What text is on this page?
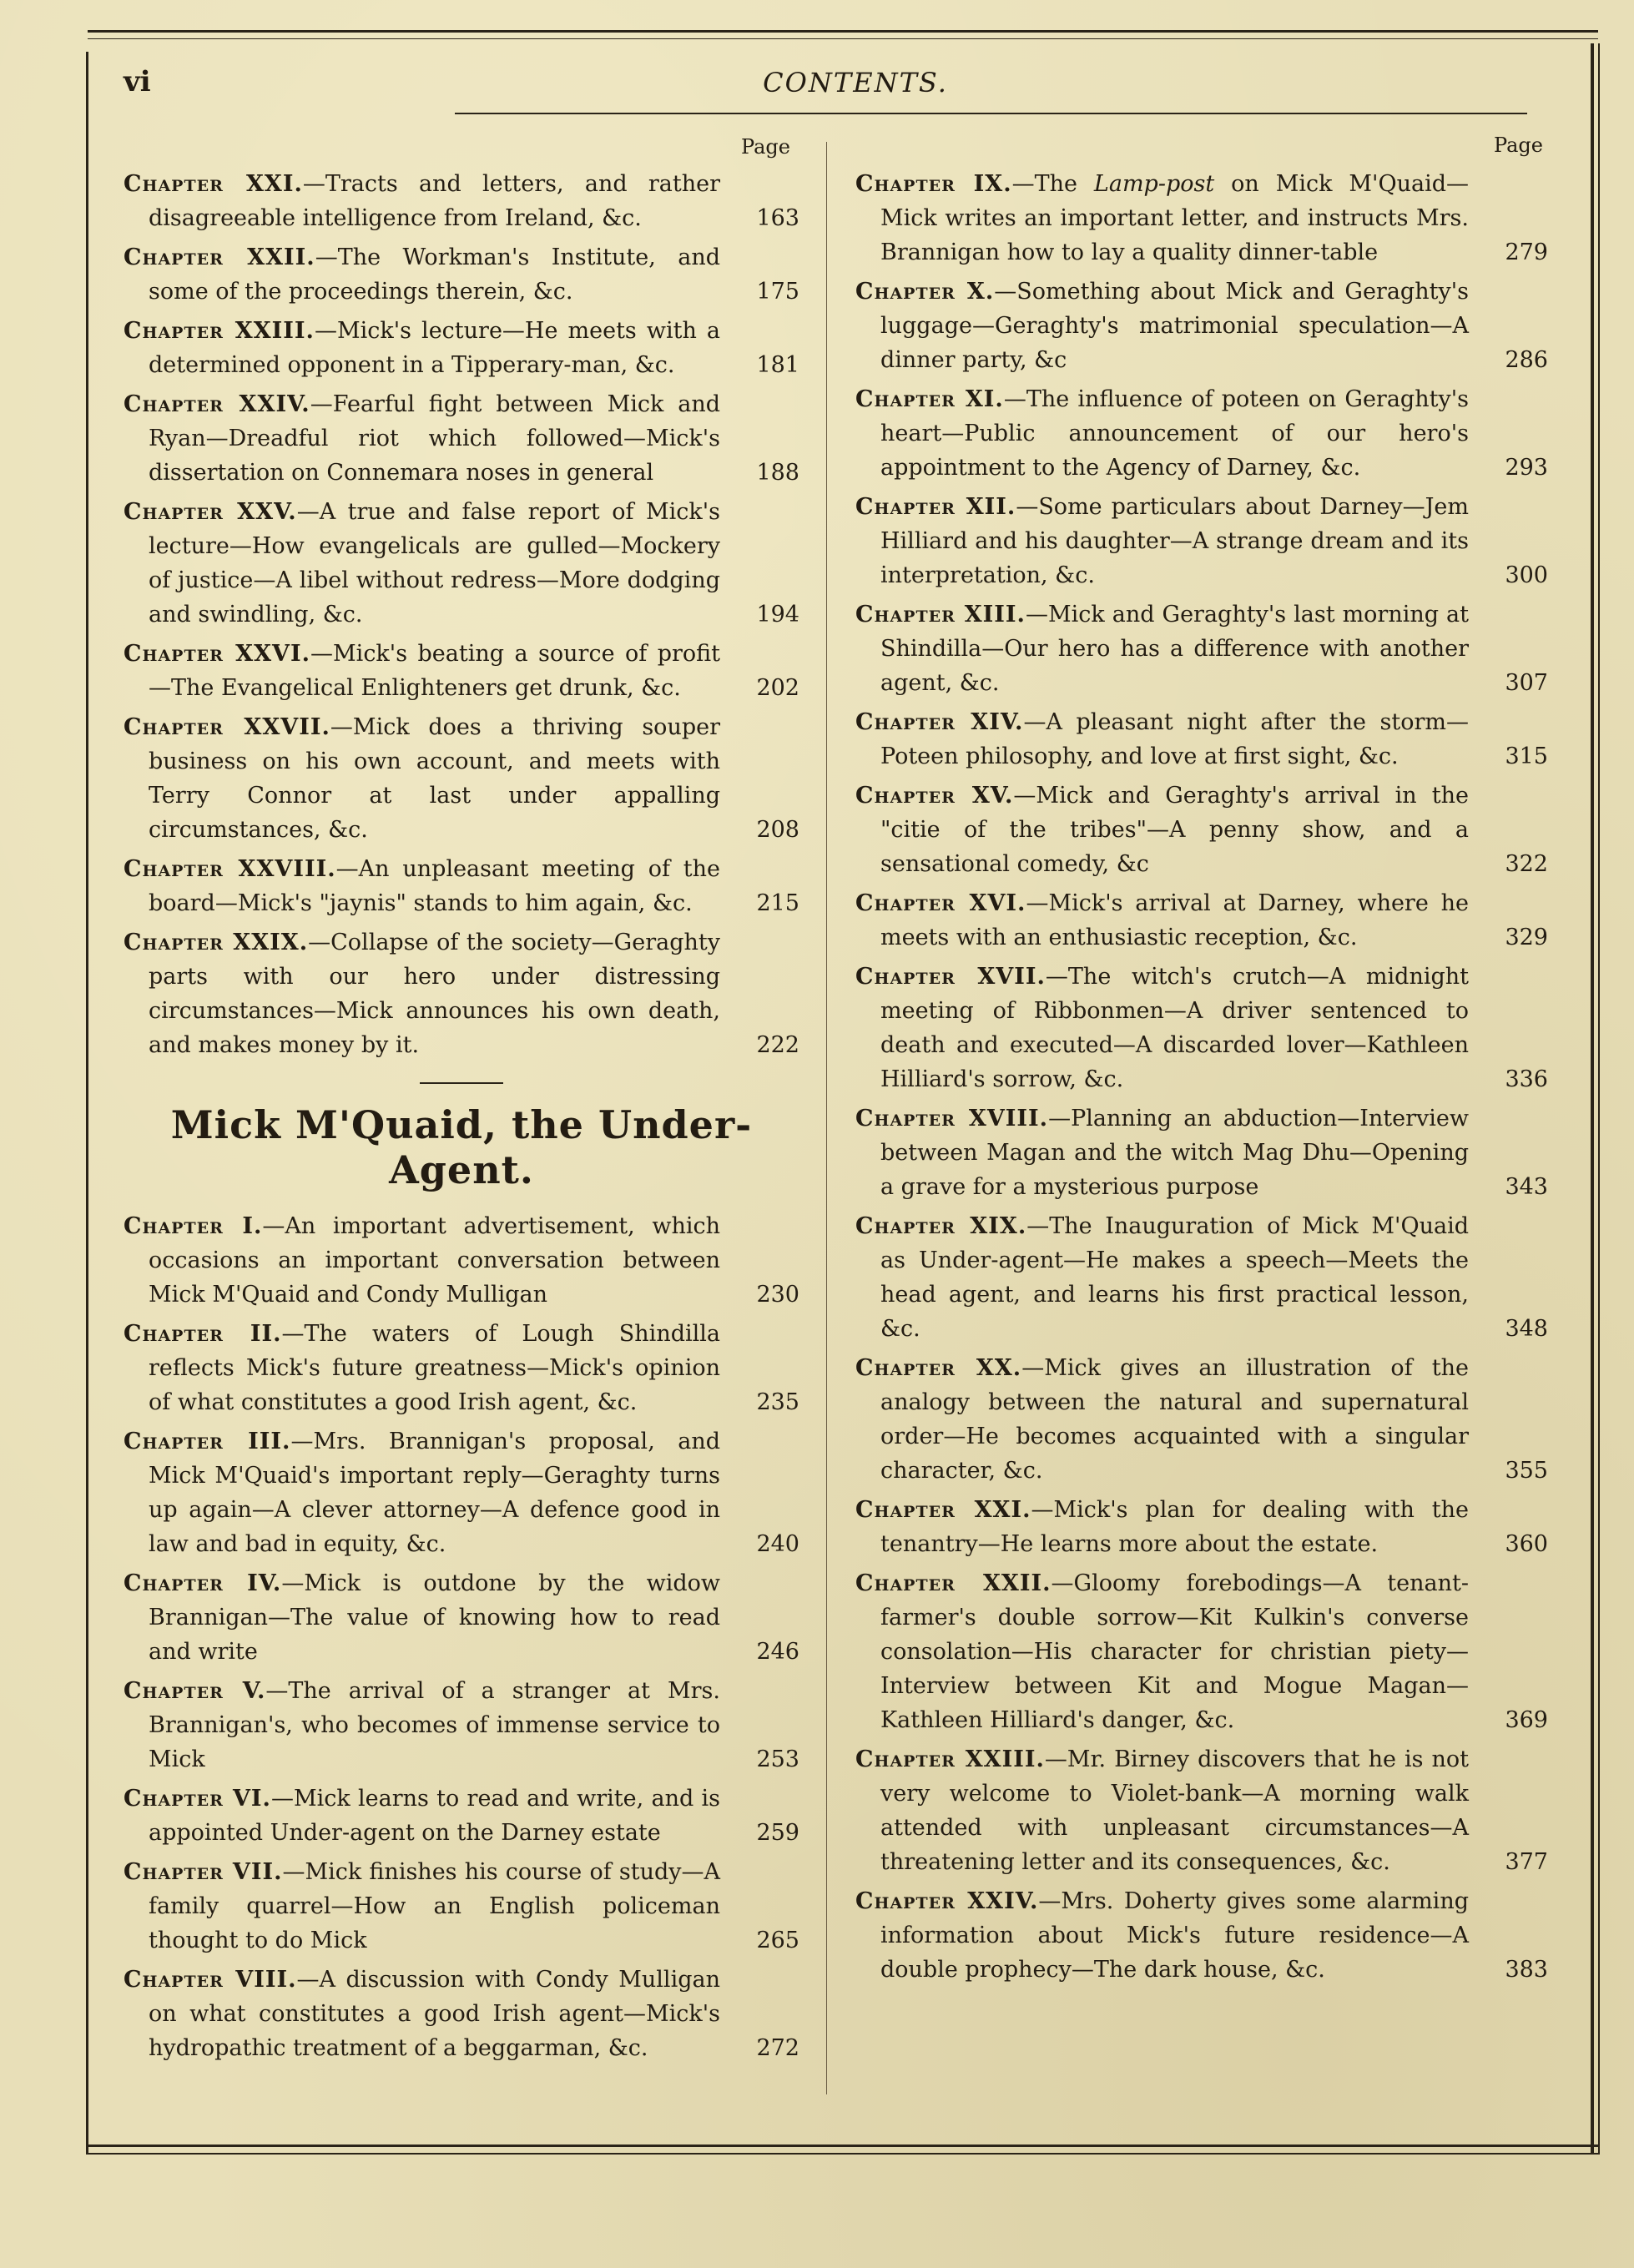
vi	CONTENTS.
Page	Page
Chapter XXI.—Tracts and letters, and rather disagreeable intelligence from Ireland, &c.	163
Chapter XXII.—The Workman's Institute, and some of the proceedings therein, &c.	175
Chapter XXIII.—Mick's lecture—He meets with a determined opponent in a Tipperary-man, &c.	181
Chapter XXIV.—Fearful fight between Mick and Ryan—Dreadful riot which followed—Mick's dissertation on Connemara noses in general	188
Chapter XXV.—A true and false report of Mick's lecture—How evangelicals are gulled—Mockery of justice—A libel without redress—More dodging and swindling, &c.	194
Chapter XXVI.—Mick's beating a source of profit—The Evangelical Enlighteners get drunk, &c.	202
Chapter XXVII.—Mick does a thriving souper business on his own account, and meets with Terry Connor at last under appalling circumstances, &c.	208
Chapter XXVIII.—An unpleasant meeting of the board—Mick's "jaynis" stands to him again, &c.	215
Chapter XXIX.—Collapse of the society—Geraghty parts with our hero under distressing circumstances—Mick announces his own death, and makes money by it.	222
Mick M'Quaid, the Under-Agent.
Chapter I.—An important advertisement, which occasions an important conversation between Mick M'Quaid and Condy Mulligan	230
Chapter II.—The waters of Lough Shindilla reflects Mick's future greatness—Mick's opinion of what constitutes a good Irish agent, &c.	235
Chapter III.—Mrs. Brannigan's proposal, and Mick M'Quaid's important reply—Geraghty turns up again—A clever attorney—A defence good in law and bad in equity, &c.	240
Chapter IV.—Mick is outdone by the widow Brannigan—The value of knowing how to read and write	246
Chapter V.—The arrival of a stranger at Mrs. Brannigan's, who becomes of immense service to Mick	253
Chapter VI.—Mick learns to read and write, and is appointed Under-agent on the Darney estate	259
Chapter VII.—Mick finishes his course of study—A family quarrel—How an English policeman thought to do Mick	265
Chapter VIII.—A discussion with Condy Mulligan on what constitutes a good Irish agent—Mick's hydropathic treatment of a beggarman, &c.	272
Chapter IX.—The Lamp-post on Mick M'Quaid—Mick writes an important letter, and instructs Mrs. Brannigan how to lay a quality dinner-table	279
Chapter X.—Something about Mick and Geraghty's luggage—Geraghty's matrimonial speculation—A dinner party, &c	286
Chapter XI.—The influence of poteen on Geraghty's heart—Public announcement of our hero's appointment to the Agency of Darney, &c.	293
Chapter XII.—Some particulars about Darney—Jem Hilliard and his daughter—A strange dream and its interpretation, &c.	300
Chapter XIII.—Mick and Geraghty's last morning at Shindilla—Our hero has a difference with another agent, &c.	307
Chapter XIV.—A pleasant night after the storm—Poteen philosophy, and love at first sight, &c.	315
Chapter XV.—Mick and Geraghty's arrival in the "citie of the tribes"—A penny show, and a sensational comedy, &c	322
Chapter XVI.—Mick's arrival at Darney, where he meets with an enthusiastic reception, &c.	329
Chapter XVII.—The witch's crutch—A midnight meeting of Ribbonmen—A driver sentenced to death and executed—A discarded lover—Kathleen Hilliard's sorrow, &c.	336
Chapter XVIII.—Planning an abduction—Interview between Magan and the witch Mag Dhu—Opening a grave for a mysterious purpose	343
Chapter XIX.—The Inauguration of Mick M'Quaid as Under-agent—He makes a speech—Meets the head agent, and learns his first practical lesson, &c.	348
Chapter XX.—Mick gives an illustration of the analogy between the natural and supernatural order—He becomes acquainted with a singular character, &c.	355
Chapter XXI.—Mick's plan for dealing with the tenantry—He learns more about the estate.	360
Chapter XXII.—Gloomy forebodings—A tenant-farmer's double sorrow—Kit Kulkin's converse consolation—His character for christian piety—Interview between Kit and Mogue Magan—Kathleen Hilliard's danger, &c.	369
Chapter XXIII.—Mr. Birney discovers that he is not very welcome to Violet-bank—A morning walk attended with unpleasant circumstances—A threatening letter and its consequences, &c.	377
Chapter XXIV.—Mrs. Doherty gives some alarming information about Mick's future residence—A double prophecy—The dark house, &c.	383
